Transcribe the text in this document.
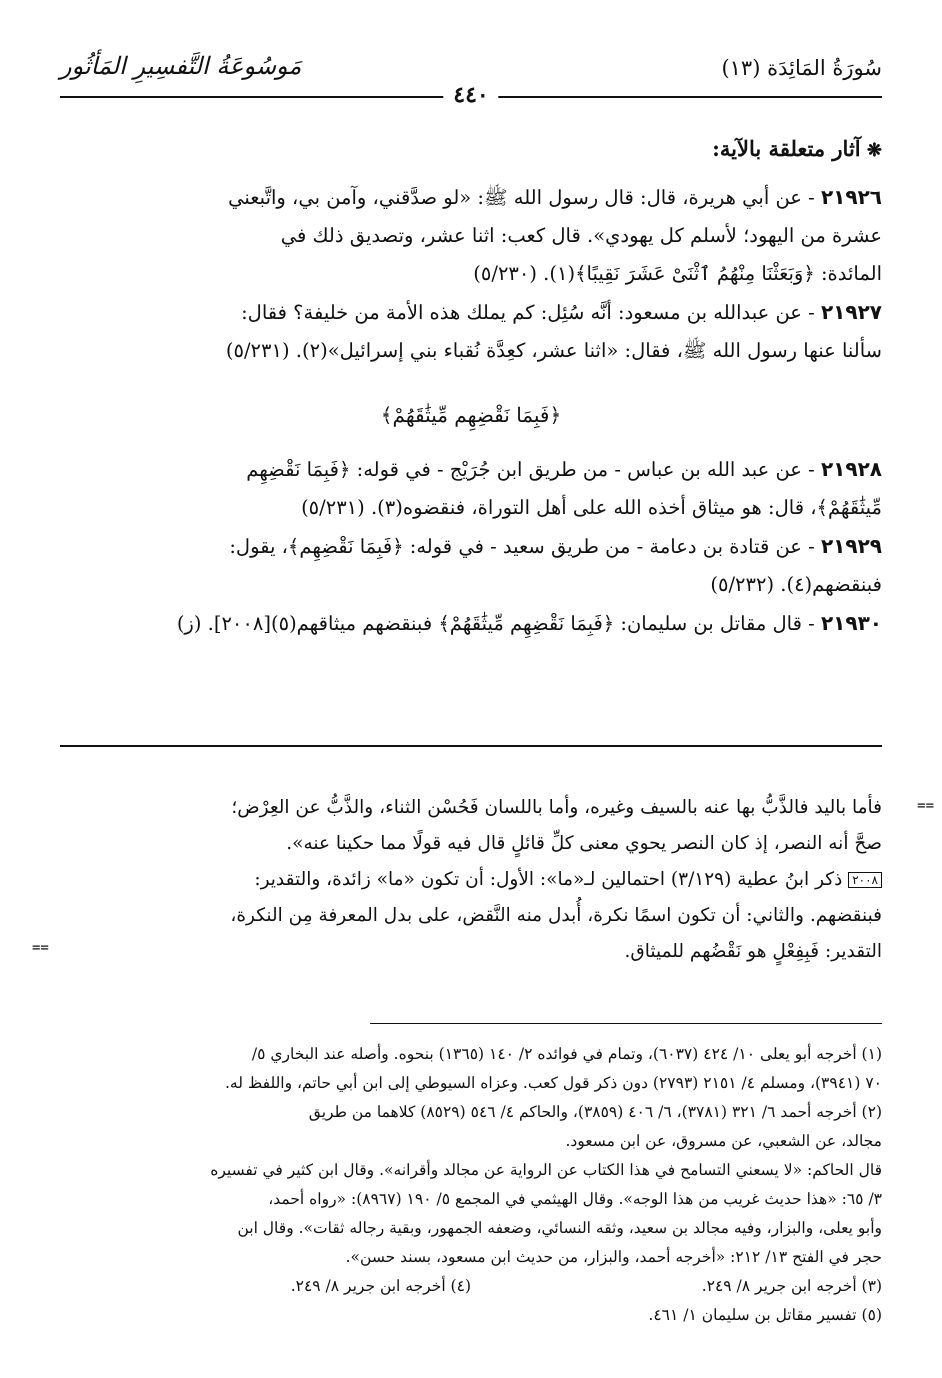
سُورَةُ المَائِدَة (١٣)
مَوسُوعَةُ التَّفسِيرِ المَأثُور
٤٤٠

❋ آثار متعلقة بالآية:

٢١٩٢٦ - عن أبي هريرة، قال: قال رسول الله ﷺ: «لو صدَّقني، وآمن بي، واتَّبعني

عشرة من اليهود؛ لأسلم كل يهودي». قال كعب: اثنا عشر، وتصديق ذلك في

المائدة: ﴿وَبَعَثْنَا مِنْهُمُ ٱثْنَىْ عَشَرَ نَقِيبًا﴾(١). (٥/٢٣٠)

٢١٩٢٧ - عن عبدالله بن مسعود: أنَّه سُئِل: كم يملك هذه الأمة من خليفة؟ فقال:

سألنا عنها رسول الله ﷺ، فقال: «اثنا عشر، كعِدَّة نُقباء بني إسرائيل»(٢). (٥/٢٣١)

﴿فَبِمَا نَقْضِهِم مِّيثَٰقَهُمْ﴾

٢١٩٢٨ - عن عبد الله بن عباس - من طريق ابن جُرَيْج - في قوله: ﴿فَبِمَا نَقْضِهِم

مِّيثَٰقَهُمْ﴾، قال: هو ميثاق أخذه الله على أهل التوراة، فنقضوه(٣). (٥/٢٣١)

٢١٩٢٩ - عن قتادة بن دعامة - من طريق سعيد - في قوله: ﴿فَبِمَا نَقْضِهِم﴾، يقول:

فبنقضهم(٤). (٥/٢٣٢)

٢١٩٣٠ - قال مقاتل بن سليمان: ﴿فَبِمَا نَقْضِهِم مِّيثَٰقَهُمْ﴾ فبنقضهم ميثاقهم(٥)[٢٠٠٨]. (ز)

==

فأما باليد فالذَّبُّ بها عنه بالسيف وغيره، وأما باللسان فَحُسْن الثناء، والذَّبُّ عن العِرْض؛

صحَّ أنه النصر، إذ كان النصر يحوي معنى كلِّ قائلٍ قال فيه قولًا مما حكينا عنه».

٢٠٠٨ ذكر ابنُ عطية (٣/١٢٩) احتمالين لـ«ما»: الأول: أن تكون «ما» زائدة، والتقدير:

فبنقضهم. والثاني: أن تكون اسمًا نكرة، أُبدل منه النَّقض، على بدل المعرفة مِن النكرة،

التقدير: فَبِفِعْلٍ هو نَقْضُهم للميثاق.

==

(١) أخرجه أبو يعلى ١٠/ ٤٢٤ (٦٠٣٧)، وتمام في فوائده ٢/ ١٤٠ (١٣٦٥) بنحوه. وأصله عند البخاري ٥/

٧٠ (٣٩٤١)، ومسلم ٤/ ٢١٥١ (٢٧٩٣) دون ذكر قول كعب. وعزاه السيوطي إلى ابن أبي حاتم، واللفظ له.

(٢) أخرجه أحمد ٦/ ٣٢١ (٣٧٨١)، ٦/ ٤٠٦ (٣٨٥٩)، والحاكم ٤/ ٥٤٦ (٨٥٢٩) كلاهما من طريق

مجالد، عن الشعبي، عن مسروق، عن ابن مسعود.

قال الحاكم: «لا يسعني التسامح في هذا الكتاب عن الرواية عن مجالد وأقرانه». وقال ابن كثير في تفسيره

٣/ ٦٥: «هذا حديث غريب من هذا الوجه». وقال الهيثمي في المجمع ٥/ ١٩٠ (٨٩٦٧): «رواه أحمد،

وأبو يعلى، والبزار، وفيه مجالد بن سعيد، وثقه النسائي، وضعفه الجمهور، وبقية رجاله ثقات». وقال ابن

حجر في الفتح ١٣/ ٢١٢: «أخرجه أحمد، والبزار، من حديث ابن مسعود، بسند حسن».

(٣) أخرجه ابن جرير ٨/ ٢٤٩.
(٤) أخرجه ابن جرير ٨/ ٢٤٩.

(٥) تفسير مقاتل بن سليمان ١/ ٤٦١.
